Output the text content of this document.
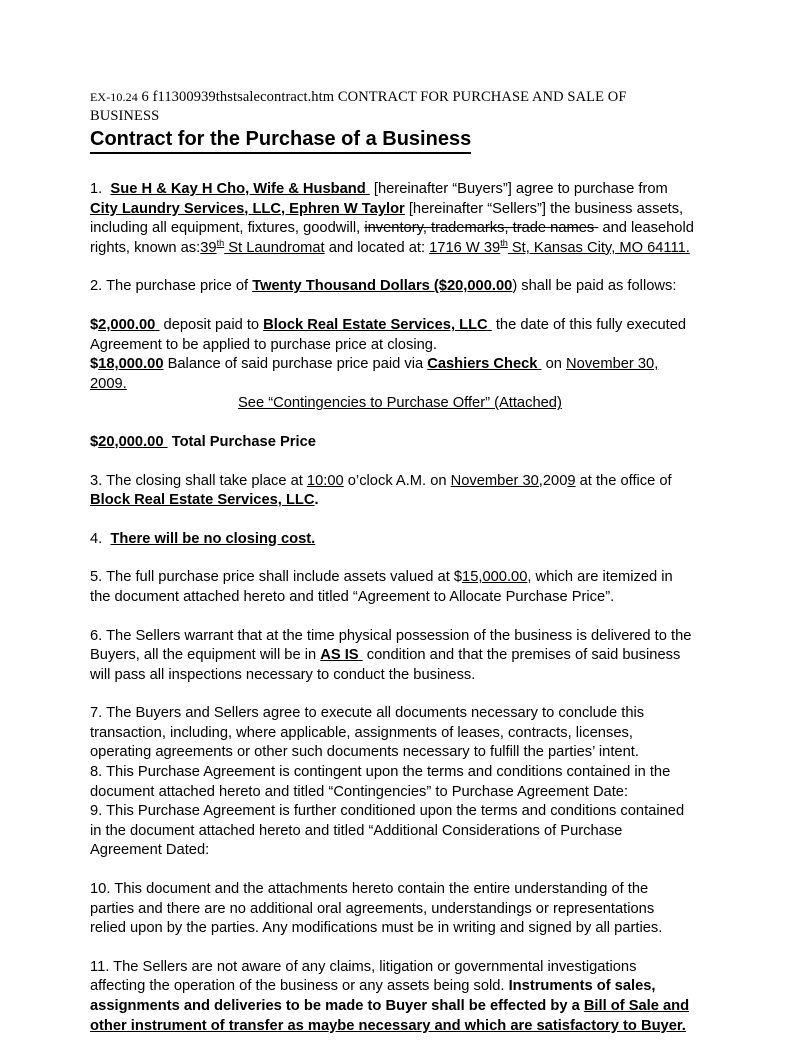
EX-10.24 6 f11300939thstsalecontract.htm CONTRACT FOR PURCHASE AND SALE OF BUSINESS
Contract for the Purchase of a Business

1. Sue H & Kay H Cho, Wife & Husband  [hereinafter “Buyers”] agree to purchase from City Laundry Services, LLC, Ephren W Taylor [hereinafter “Sellers”] the business assets, including all equipment, fixtures, goodwill, inventory, trademarks, trade names  and leasehold rights, known as:39th St Laundromat and located at: 1716 W 39th St, Kansas City, MO 64111.

2. The purchase price of Twenty Thousand Dollars ($20,000.00) shall be paid as follows:

$2,000.00  deposit paid to Block Real Estate Services, LLC  the date of this fully executed Agreement to be applied to purchase price at closing.

$18,000.00 Balance of said purchase price paid via Cashiers Check  on November 30, 2009.

See “Contingencies to Purchase Offer” (Attached)

$20,000.00  Total Purchase Price

3. The closing shall take place at 10:00 o’clock A.M. on November 30,2009 at the office of Block Real Estate Services, LLC.

4. There will be no closing cost.

5. The full purchase price shall include assets valued at $15,000.00, which are itemized in the document attached hereto and titled “Agreement to Allocate Purchase Price”.

6. The Sellers warrant that at the time physical possession of the business is delivered to the Buyers, all the equipment will be in AS IS  condition and that the premises of said business will pass all inspections necessary to conduct the business.

7. The Buyers and Sellers agree to execute all documents necessary to conclude this transaction, including, where applicable, assignments of leases, contracts, licenses, operating agreements or other such documents necessary to fulfill the parties’ intent.

8. This Purchase Agreement is contingent upon the terms and conditions contained in the document attached hereto and titled “Contingencies” to Purchase Agreement Date:

9. This Purchase Agreement is further conditioned upon the terms and conditions contained in the document attached hereto and titled “Additional Considerations of Purchase Agreement Dated:

10. This document and the attachments hereto contain the entire understanding of the parties and there are no additional oral agreements, understandings or representations relied upon by the parties. Any modifications must be in writing and signed by all parties.

11. The Sellers are not aware of any claims, litigation or governmental investigations affecting the operation of the business or any assets being sold. Instruments of sales, assignments and deliveries to be made to Buyer shall be effected by a Bill of Sale and other instrument of transfer as maybe necessary and which are satisfactory to Buyer.
